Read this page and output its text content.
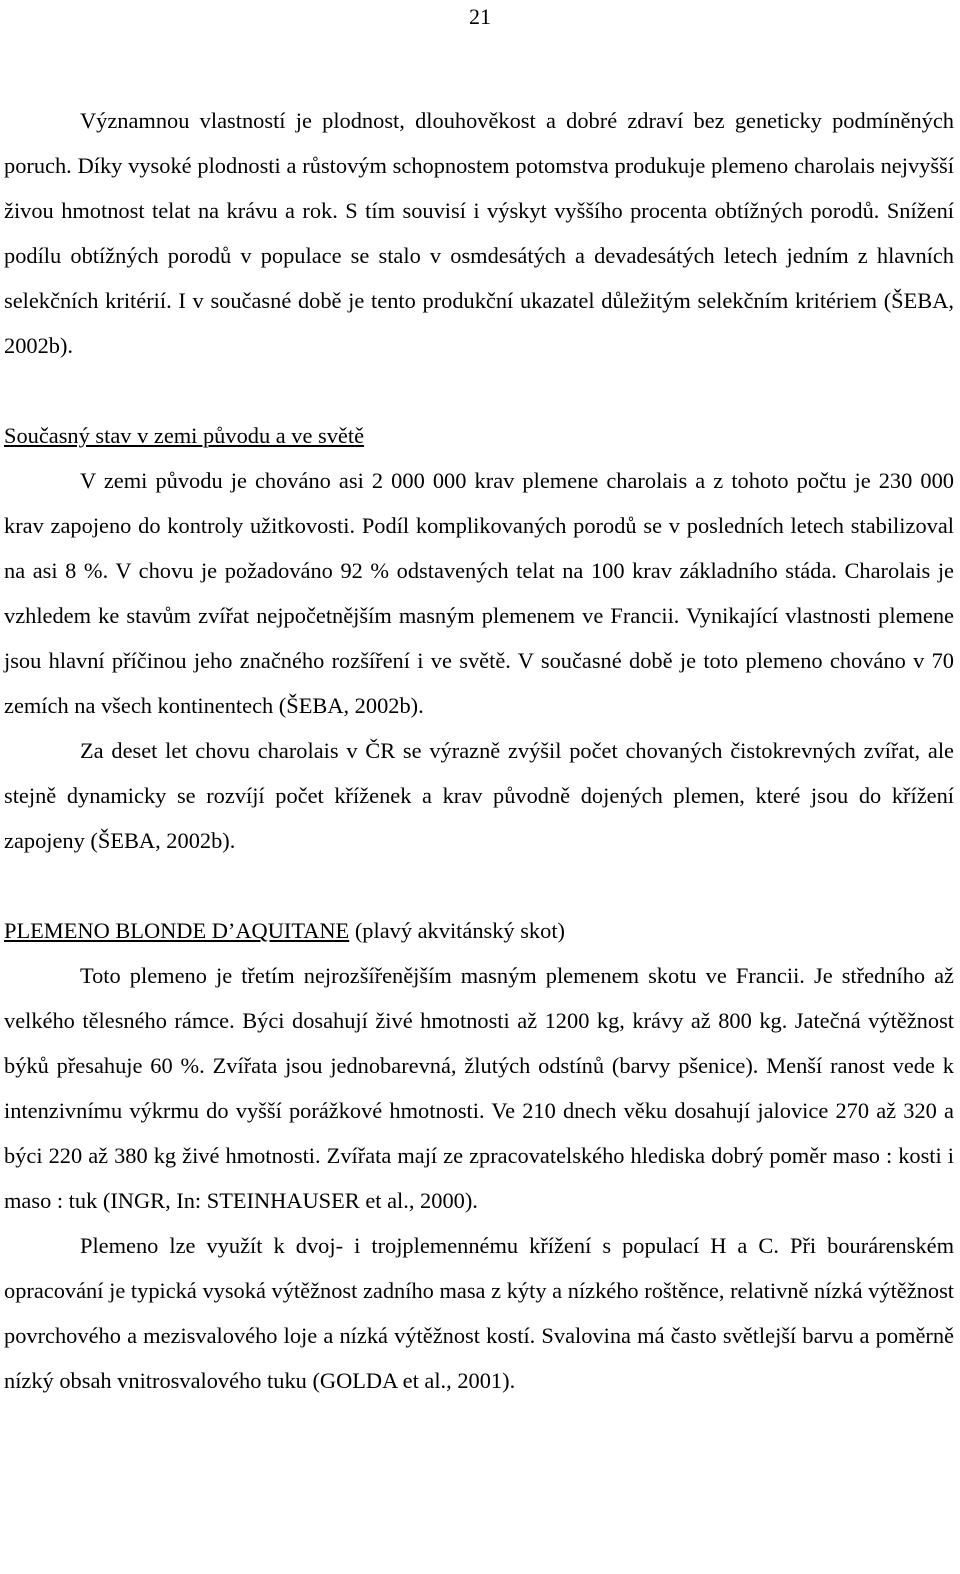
21

Významnou vlastností je plodnost, dlouhověkost a dobré zdraví bez geneticky podmíněných poruch. Díky vysoké plodnosti a růstovým schopnostem potomstva produkuje plemeno charolais nejvyšší živou hmotnost telat na krávu a rok. S tím souvisí i výskyt vyššího procenta obtížných porodů. Snížení podílu obtížných porodů v populace se stalo v osmdesátých a devadesátých letech jedním z hlavních selekčních kritérií. I v současné době je tento produkční ukazatel důležitým selekčním kritériem (ŠEBA, 2002b).

Současný stav v zemi původu a ve světě

V zemi původu je chováno asi 2 000 000 krav plemene charolais a z tohoto počtu je 230 000 krav zapojeno do kontroly užitkovosti. Podíl komplikovaných porodů se v posledních letech stabilizoval na asi 8 %. V chovu je požadováno 92 % odstavených telat na 100 krav základního stáda. Charolais je vzhledem ke stavům zvířat nejpočetnějším masným plemenem ve Francii. Vynikající vlastnosti plemene jsou hlavní příčinou jeho značného rozšíření i ve světě. V současné době je toto plemeno chováno v 70 zemích na všech kontinentech (ŠEBA, 2002b).

Za deset let chovu charolais v ČR se výrazně zvýšil počet chovaných čistokrevných zvířat, ale stejně dynamicky se rozvíjí počet kříženek a krav původně dojených plemen, které jsou do křížení zapojeny (ŠEBA, 2002b).

PLEMENO BLONDE D’AQUITANE (plavý akvitánský skot)

Toto plemeno je třetím nejrozšířenějším masným plemenem skotu ve Francii. Je středního až velkého tělesného rámce. Býci dosahují živé hmotnosti až 1200 kg, krávy až 800 kg. Jatečná výtěžnost býků přesahuje 60 %. Zvířata jsou jednobarevná, žlutých odstínů (barvy pšenice). Menší ranost vede k intenzivnímu výkrmu do vyšší porážkové hmotnosti. Ve 210 dnech věku dosahují jalovice 270 až 320 a býci 220 až 380 kg živé hmotnosti. Zvířata mají ze zpracovatelského hlediska dobrý poměr maso : kosti i maso : tuk (INGR, In: STEINHAUSER et al., 2000).

Plemeno lze využít k dvoj- i trojplemennému křížení s populací H a C. Při bourárenském opracování je typická vysoká výtěžnost zadního masa z kýty a nízkého roštěnce, relativně nízká výtěžnost povrchového a mezisvalového loje a nízká výtěžnost kostí. Svalovina má často světlejší barvu a poměrně nízký obsah vnitrosvalového tuku (GOLDA et al., 2001).
